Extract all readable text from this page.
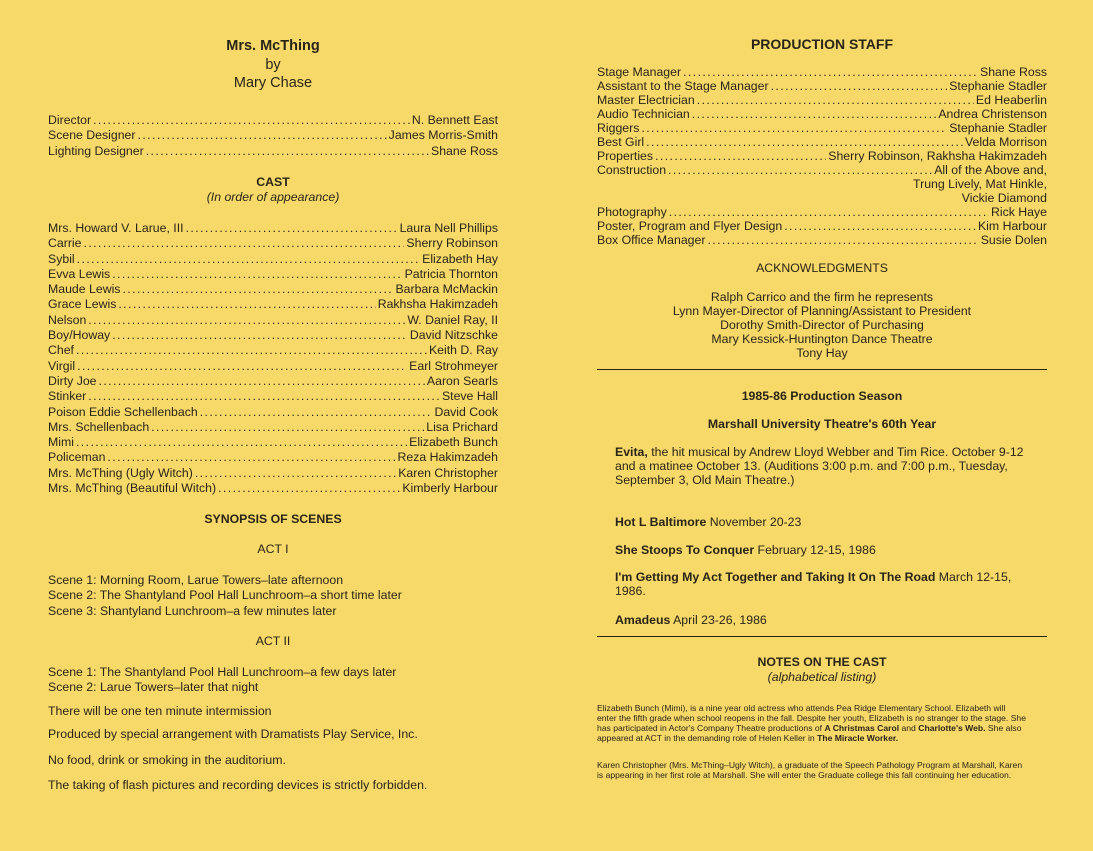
Mrs. McThing
by
Mary Chase
Director . . .	N. Bennett East
Scene Designer . . .	James Morris-Smith
Lighting Designer . . .	Shane Ross
CAST
(In order of appearance)
Mrs. Howard V. Larue, III . . .	Laura Nell Phillips
Carrie . . .	Sherry Robinson
Sybil . . .	Elizabeth Hay
Evva Lewis . . .	Patricia Thornton
Maude Lewis . . .	Barbara McMackin
Grace Lewis . . .	Rakhsha Hakimzadeh
Nelson . . .	W. Daniel Ray, II
Boy/Howay . . .	David Nitzschke
Chef . . .	Keith D. Ray
Virgil . . .	Earl Strohmeyer
Dirty Joe . . .	Aaron Searls
Stinker . . .	Steve Hall
Poison Eddie Schellenbach . . .	David Cook
Mrs. Schellenbach . . .	Lisa Prichard
Mimi . . .	Elizabeth Bunch
Policeman . . .	Reza Hakimzadeh
Mrs. McThing (Ugly Witch) . . .	Karen Christopher
Mrs. McThing (Beautiful Witch) . . .	Kimberly Harbour
SYNOPSIS OF SCENES
ACT I
Scene 1: Morning Room, Larue Towers–late afternoon
Scene 2: The Shantyland Pool Hall Lunchroom–a short time later
Scene 3: Shantyland Lunchroom–a few minutes later
ACT II
Scene 1: The Shantyland Pool Hall Lunchroom–a few days later
Scene 2: Larue Towers–later that night
There will be one ten minute intermission
Produced by special arrangement with Dramatists Play Service, Inc.
No food, drink or smoking in the auditorium.
The taking of flash pictures and recording devices is strictly forbidden.
PRODUCTION STAFF
Stage Manager . . .	Shane Ross
Assistant to the Stage Manager . . .	Stephanie Stadler
Master Electrician . . .	Ed Heaberlin
Audio Technician . . .	Andrea Christenson
Riggers . . .	Stephanie Stadler
Best Girl . . .	Velda Morrison
Properties . . .	Sherry Robinson, Rakhsha Hakimzadeh
Construction . . .	All of the Above and,
Trung Lively, Mat Hinkle,
Vickie Diamond
Photography . . .	Rick Haye
Poster, Program and Flyer Design . . .	Kim Harbour
Box Office Manager . . .	Susie Dolen
ACKNOWLEDGMENTS
Ralph Carrico and the firm he represents
Lynn Mayer-Director of Planning/Assistant to President
Dorothy Smith-Director of Purchasing
Mary Kessick-Huntington Dance Theatre
Tony Hay
1985-86 Production Season
Marshall University Theatre's 60th Year
Evita, the hit musical by Andrew Lloyd Webber and Tim Rice. October 9-12 and a matinee October 13. (Auditions 3:00 p.m. and 7:00 p.m., Tuesday, September 3, Old Main Theatre.)
Hot L Baltimore November 20-23
She Stoops To Conquer February 12-15, 1986
I'm Getting My Act Together and Taking It On The Road March 12-15, 1986.
Amadeus April 23-26, 1986
NOTES ON THE CAST
(alphabetical listing)
Elizabeth Bunch (Mimi), is a nine year old actress who attends Pea Ridge Elementary School. Elizabeth will enter the fifth grade when school reopens in the fall. Despite her youth, Elizabeth is no stranger to the stage. She has participated in Actor's Company Theatre productions of A Christmas Carol and Charlotte's Web. She also appeared at ACT in the demanding role of Helen Keller in The Miracle Worker.
Karen Christopher (Mrs. McThing–Ugly Witch), a graduate of the Speech Pathology Program at Marshall, Karen is appearing in her first role at Marshall. She will enter the Graduate college this fall continuing her education.
